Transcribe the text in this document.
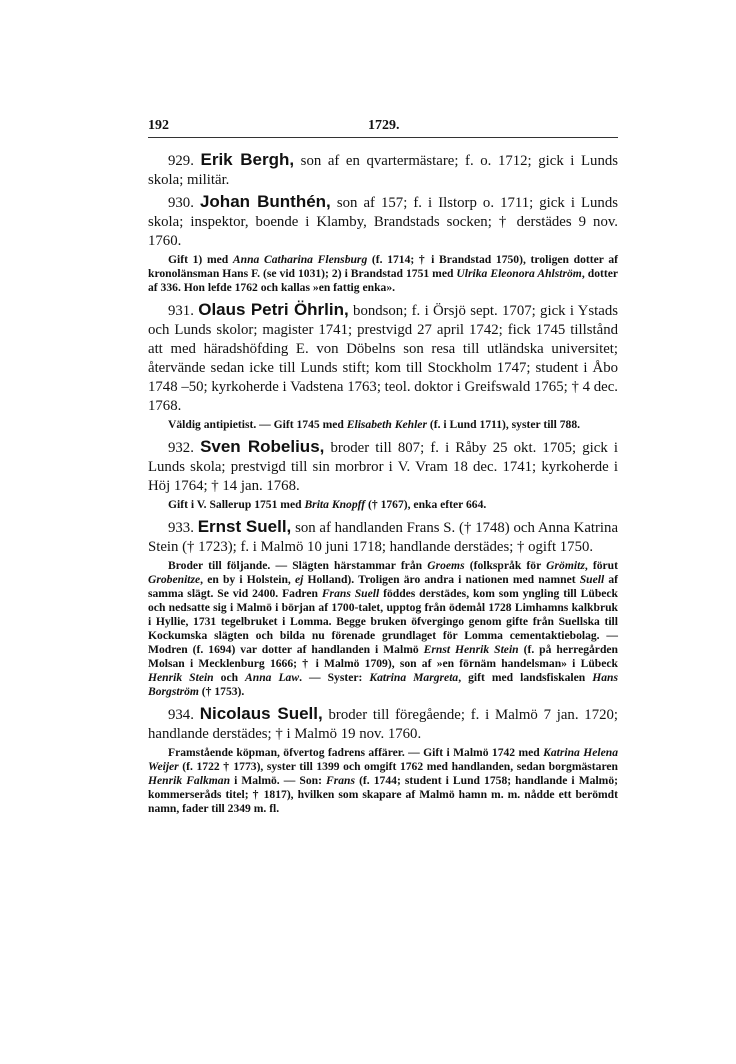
192	1729.

929. Erik Bergh, son af en qvartermästare; f. o. 1712; gick i Lunds skola; militär.

930. Johan Bunthén, son af 157; f. i Ilstorp o. 1711; gick i Lunds skola; inspektor, boende i Klamby, Brandstads socken; † derstädes 9 nov. 1760.

Gift 1) med Anna Catharina Flensburg (f. 1714; † i Brandstad 1750), troligen dotter af kronolänsman Hans F. (se vid 1031); 2) i Brandstad 1751 med Ulrika Eleonora Ahlström, dotter af 336. Hon lefde 1762 och kallas »en fattig enka».

931. Olaus Petri Öhrlin, bondson; f. i Örsjö sept. 1707; gick i Ystads och Lunds skolor; magister 1741; prestvigd 27 april 1742; fick 1745 tillstånd att med häradshöfding E. von Döbelns son resa till utländska universitet; återvände sedan icke till Lunds stift; kom till Stockholm 1747; student i Åbo 1748 –50; kyrkoherde i Vadstena 1763; teol. doktor i Greifswald 1765; † 4 dec. 1768.

Väldig antipietist. — Gift 1745 med Elisabeth Kehler (f. i Lund 1711), syster till 788.

932. Sven Robelius, broder till 807; f. i Råby 25 okt. 1705; gick i Lunds skola; prestvigd till sin morbror i V. Vram 18 dec. 1741; kyrkoherde i Höj 1764; † 14 jan. 1768.

Gift i V. Sallerup 1751 med Brita Knopff († 1767), enka efter 664.

933. Ernst Suell, son af handlanden Frans S. († 1748) och Anna Katrina Stein († 1723); f. i Malmö 10 juni 1718; handlande derstädes; † ogift 1750.

Broder till följande. — Slägten härstammar från Groems (folkspråk för Grömitz, förut Grobenitze, en by i Holstein, ej Holland). Troligen äro andra i nationen med namnet Suell af samma slägt. Se vid 2400. Fadren Frans Suell föddes derstädes, kom som yngling till Lübeck och nedsatte sig i Malmö i början af 1700-talet, upptog från ödemål 1728 Limhamns kalkbruk i Hyllie, 1731 tegelbruket i Lomma. Begge bruken öfvergingo genom gifte från Suellska till Kockumska slägten och bilda nu förenade grundlaget för Lomma cementaktiebolag. — Modren (f. 1694) var dotter af handlanden i Malmö Ernst Henrik Stein (f. på herregården Molsan i Mecklenburg 1666; † i Malmö 1709), son af »en förnäm handelsman» i Lübeck Henrik Stein och Anna Law. — Syster: Katrina Margreta, gift med landsfiskalen Hans Borgström († 1753).

934. Nicolaus Suell, broder till föregående; f. i Malmö 7 jan. 1720; handlande derstädes; † i Malmö 19 nov. 1760.

Framstående köpman, öfvertog fadrens affärer. — Gift i Malmö 1742 med Katrina Helena Weijer (f. 1722 † 1773), syster till 1399 och omgift 1762 med handlanden, sedan borgmästaren Henrik Falkman i Malmö. — Son: Frans (f. 1744; student i Lund 1758; handlande i Malmö; kommerseråds titel; † 1817), hvilken som skapare af Malmö hamn m. m. nådde ett berömdt namn, fader till 2349 m. fl.
